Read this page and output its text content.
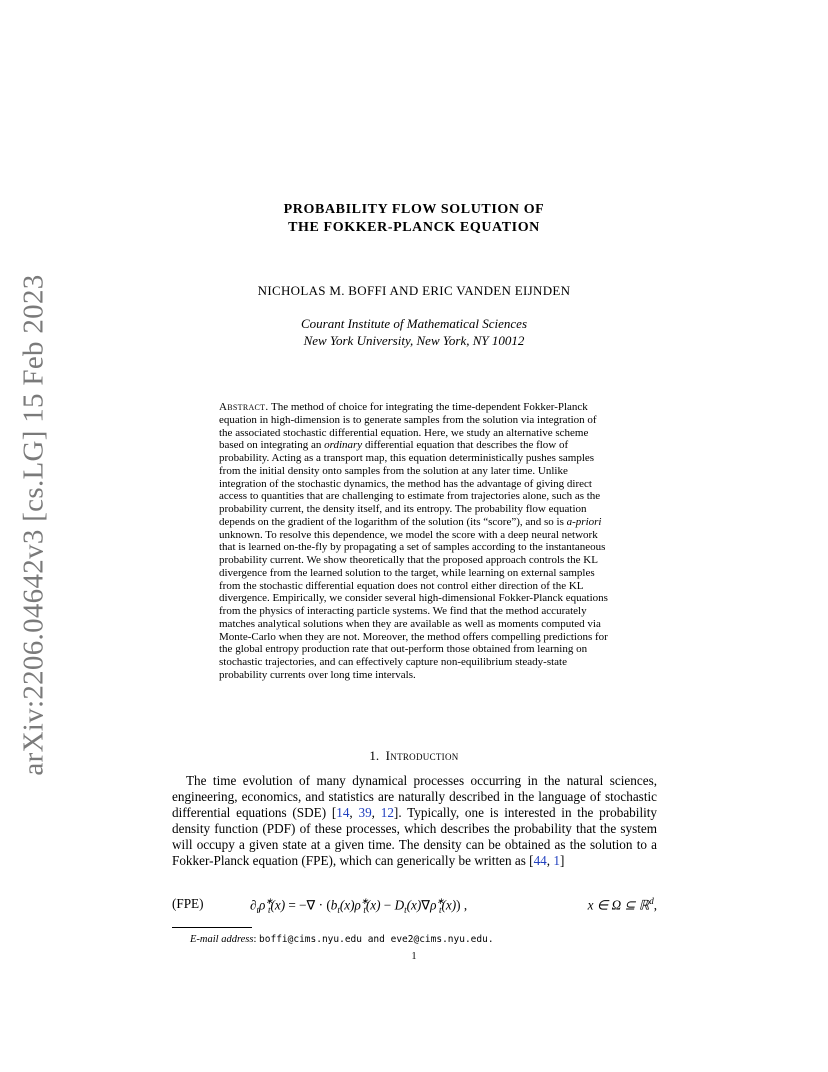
arXiv:2206.04642v3 [cs.LG] 15 Feb 2023
PROBABILITY FLOW SOLUTION OF
THE FOKKER-PLANCK EQUATION
NICHOLAS M. BOFFI AND ERIC VANDEN EIJNDEN
Courant Institute of Mathematical Sciences
New York University, New York, NY 10012

Abstract. The method of choice for integrating the time-dependent Fokker-Planck equation in high-dimension is to generate samples from the solution via integration of the associated stochastic differential equation. Here, we study an alternative scheme based on integrating an ordinary differential equation that describes the flow of probability. Acting as a transport map, this equation deterministically pushes samples from the initial density onto samples from the solution at any later time. Unlike integration of the stochastic dynamics, the method has the advantage of giving direct access to quantities that are challenging to estimate from trajectories alone, such as the probability current, the density itself, and its entropy. The probability flow equation depends on the gradient of the logarithm of the solution (its “score”), and so is a-priori unknown. To resolve this dependence, we model the score with a deep neural network that is learned on-the-fly by propagating a set of samples according to the instantaneous probability current. We show theoretically that the proposed approach controls the KL divergence from the learned solution to the target, while learning on external samples from the stochastic differential equation does not control either direction of the KL divergence. Empirically, we consider several high-dimensional Fokker-Planck equations from the physics of interacting particle systems. We find that the method accurately matches analytical solutions when they are available as well as moments computed via Monte-Carlo when they are not. Moreover, the method offers compelling predictions for the global entropy production rate that out-perform those obtained from learning on stochastic trajectories, and can effectively capture non-equilibrium steady-state probability currents over long time intervals.

1. Introduction

The time evolution of many dynamical processes occurring in the natural sciences, engineering, economics, and statistics are naturally described in the language of stochastic differential equations (SDE) [14, 39, 12]. Typically, one is interested in the probability density function (PDF) of these processes, which describes the probability that the system will occupy a given state at a given time. The density can be obtained as the solution to a Fokker-Planck equation (FPE), which can generically be written as [44, 1]

(FPE)	$\partial_t\rho^∗_t(x)$ = −∇ · $(b_t(x)\rho^∗_t(x) - D_t(x)\nabla\rho^∗_t(x))$ ,	x ∈ Ω ⊆ ℝ$^d$,
E-mail address: boffi@cims.nyu.edu and eve2@cims.nyu.edu.
1
